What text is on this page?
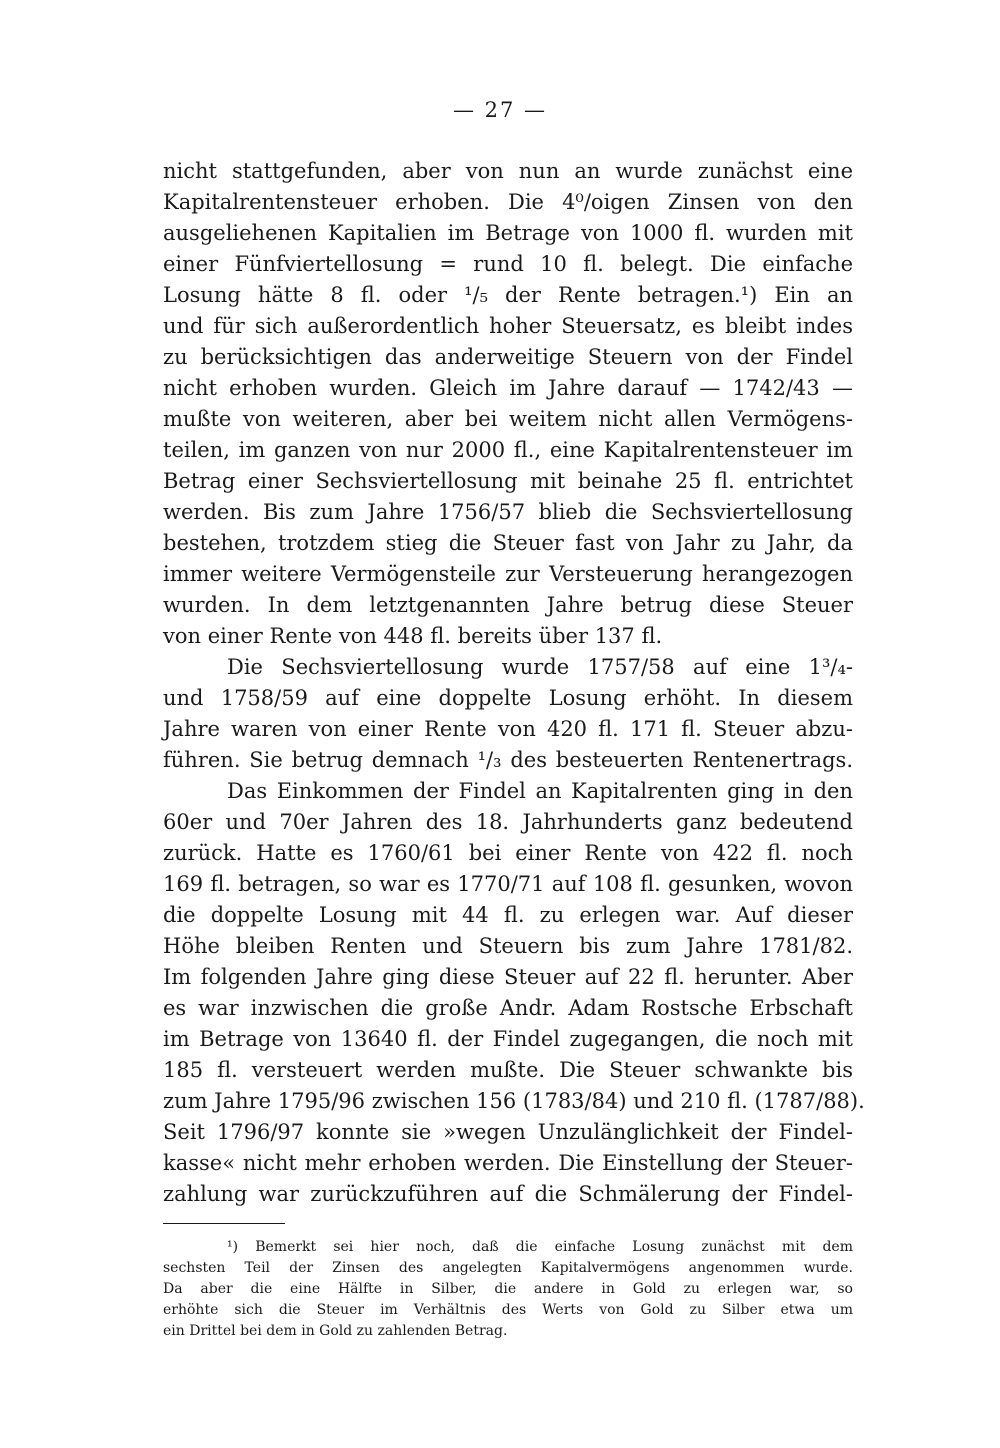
— 27 —
nicht stattgefunden, aber von nun an wurde zunächst eine
Kapitalrentensteuer erhoben. Die 4⁰/oigen Zinsen von den
ausgeliehenen Kapitalien im Betrage von 1000 fl. wurden mit
einer Fünfviertellosung = rund 10 fl. belegt. Die einfache
Losung hätte 8 fl. oder ¹/₅ der Rente betragen.¹) Ein an
und für sich außerordentlich hoher Steuersatz, es bleibt indes
zu berücksichtigen das anderweitige Steuern von der Findel
nicht erhoben wurden. Gleich im Jahre darauf — 1742/43 —
mußte von weiteren, aber bei weitem nicht allen Vermögens-
teilen, im ganzen von nur 2000 fl., eine Kapitalrentensteuer im
Betrag einer Sechsviertellosung mit beinahe 25 fl. entrichtet
werden. Bis zum Jahre 1756/57 blieb die Sechsviertellosung
bestehen, trotzdem stieg die Steuer fast von Jahr zu Jahr, da
immer weitere Vermögensteile zur Versteuerung herangezogen
wurden. In dem letztgenannten Jahre betrug diese Steuer
von einer Rente von 448 fl. bereits über 137 fl.
Die Sechsviertellosung wurde 1757/58 auf eine 1³/₄-
und 1758/59 auf eine doppelte Losung erhöht. In diesem
Jahre waren von einer Rente von 420 fl. 171 fl. Steuer abzu-
führen. Sie betrug demnach ¹/₃ des besteuerten Rentenertrags.
Das Einkommen der Findel an Kapitalrenten ging in den
60er und 70er Jahren des 18. Jahrhunderts ganz bedeutend
zurück. Hatte es 1760/61 bei einer Rente von 422 fl. noch
169 fl. betragen, so war es 1770/71 auf 108 fl. gesunken, wovon
die doppelte Losung mit 44 fl. zu erlegen war. Auf dieser
Höhe bleiben Renten und Steuern bis zum Jahre 1781/82.
Im folgenden Jahre ging diese Steuer auf 22 fl. herunter. Aber
es war inzwischen die große Andr. Adam Rostsche Erbschaft
im Betrage von 13640 fl. der Findel zugegangen, die noch mit
185 fl. versteuert werden mußte. Die Steuer schwankte bis
zum Jahre 1795/96 zwischen 156 (1783/84) und 210 fl. (1787/88).
Seit 1796/97 konnte sie »wegen Unzulänglichkeit der Findel-
kasse« nicht mehr erhoben werden. Die Einstellung der Steuer-
zahlung war zurückzuführen auf die Schmälerung der Findel-
¹) Bemerkt sei hier noch, daß die einfache Losung zunächst mit dem
sechsten Teil der Zinsen des angelegten Kapitalvermögens angenommen wurde.
Da aber die eine Hälfte in Silber, die andere in Gold zu erlegen war, so
erhöhte sich die Steuer im Verhältnis des Werts von Gold zu Silber etwa um
ein Drittel bei dem in Gold zu zahlenden Betrag.
